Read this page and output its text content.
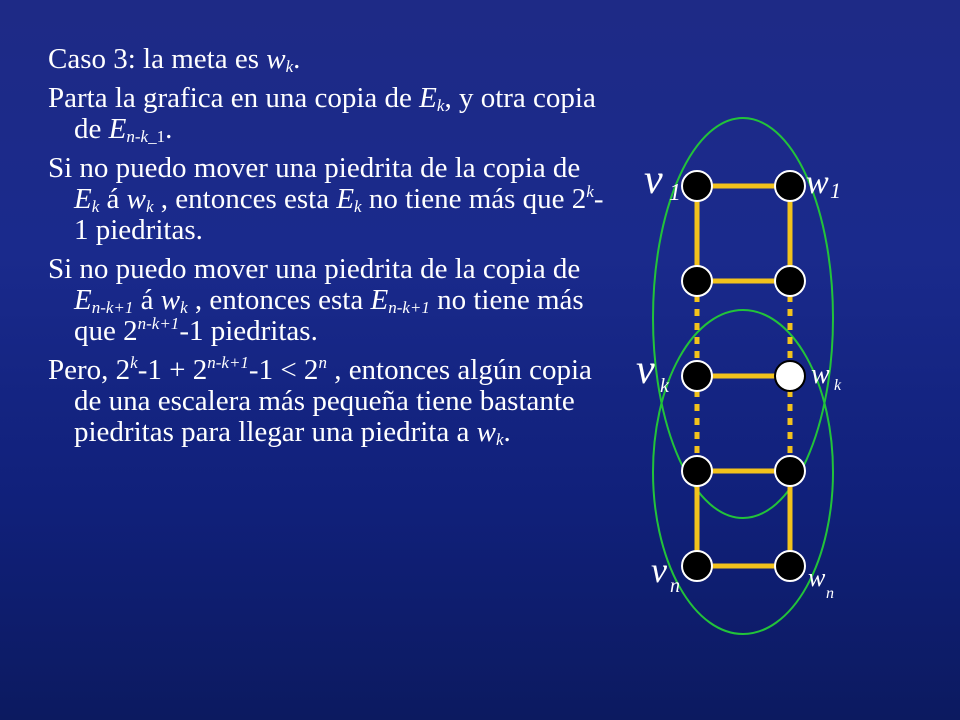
Caso 3: la meta es $w_k$.

Parta la grafica en una copia de $E_k$, y otra copia de $E_{n-k\_1}$.

Si no puedo mover una piedrita de la copia de $E_k$ á $w_k$ , entonces esta $E_k$ no tiene más que 2$^k$-1 piedritas.

Si no puedo mover una piedrita de la copia de $E_{n-k+1}$ á $w_k$ , entonces esta $E_{n-k+1}$ no tiene más que $2^{n-k+1}-1$ piedritas.

Pero, $2^k-1 + 2^{n-k+1}-1 < 2^n$ , entonces algún copia de una escalera más pequeña tiene bastante piedritas para llegar una piedrita a $w_k$.

v 1	w 1
v k	w k
v n	w
n
